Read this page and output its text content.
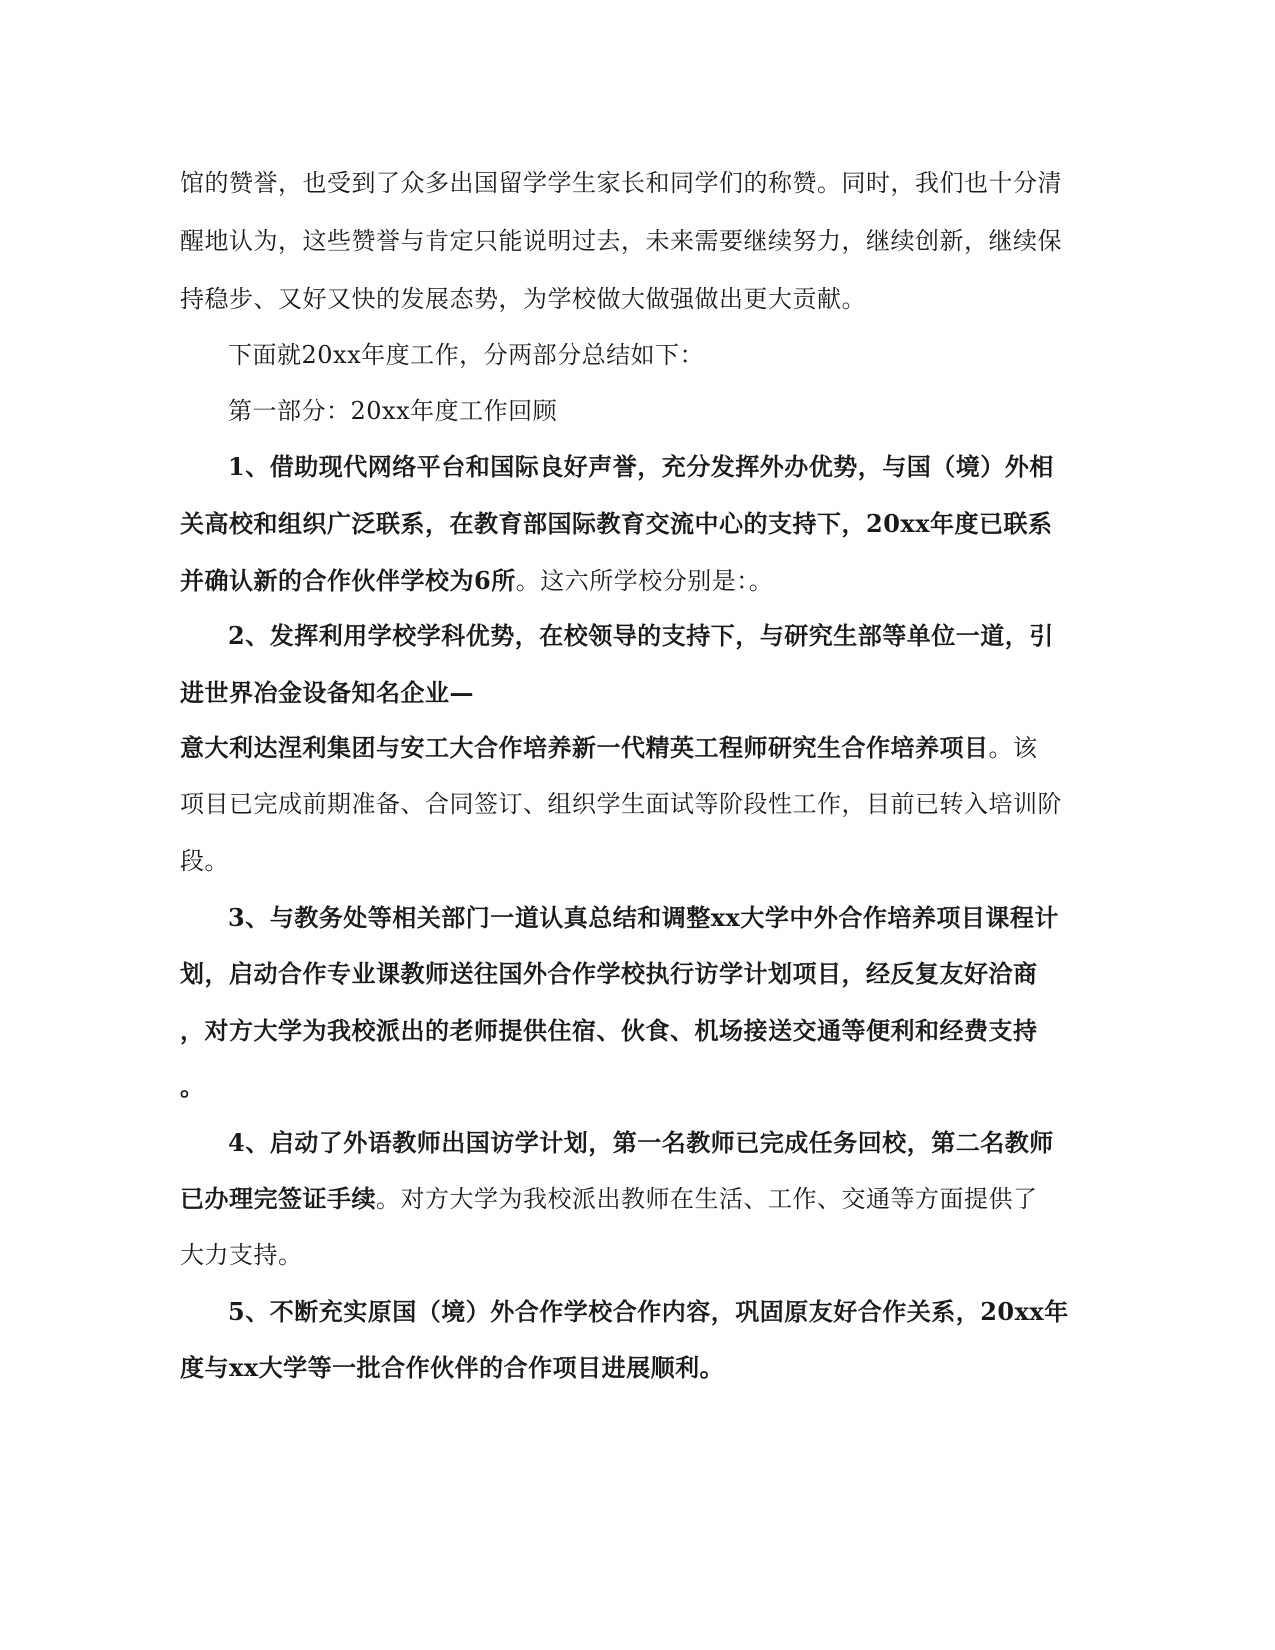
馆的赞誉，也受到了众多出国留学学生家长和同学们的称赞。同时，我们也十分清
醒地认为，这些赞誉与肯定只能说明过去，未来需要继续努力，继续创新，继续保
持稳步、又好又快的发展态势，为学校做大做强做出更大贡献。
下面就20xx年度工作，分两部分总结如下：
第一部分：20xx年度工作回顾
1、借助现代网络平台和国际良好声誉，充分发挥外办优势，与国（境）外相
关高校和组织广泛联系，在教育部国际教育交流中心的支持下，20xx年度已联系
并确认新的合作伙伴学校为6所。这六所学校分别是：。
2、发挥利用学校学科优势，在校领导的支持下，与研究生部等单位一道，引
进世界冶金设备知名企业—
意大利达涅利集团与安工大合作培养新一代精英工程师研究生合作培养项目。该
项目已完成前期准备、合同签订、组织学生面试等阶段性工作，目前已转入培训阶
段。
3、与教务处等相关部门一道认真总结和调整xx大学中外合作培养项目课程计
划，启动合作专业课教师送往国外合作学校执行访学计划项目，经反复友好洽商
，对方大学为我校派出的老师提供住宿、伙食、机场接送交通等便利和经费支持
。
4、启动了外语教师出国访学计划，第一名教师已完成任务回校，第二名教师
已办理完签证手续。对方大学为我校派出教师在生活、工作、交通等方面提供了
大力支持。
5、不断充实原国（境）外合作学校合作内容，巩固原友好合作关系，20xx年
度与xx大学等一批合作伙伴的合作项目进展顺利。
